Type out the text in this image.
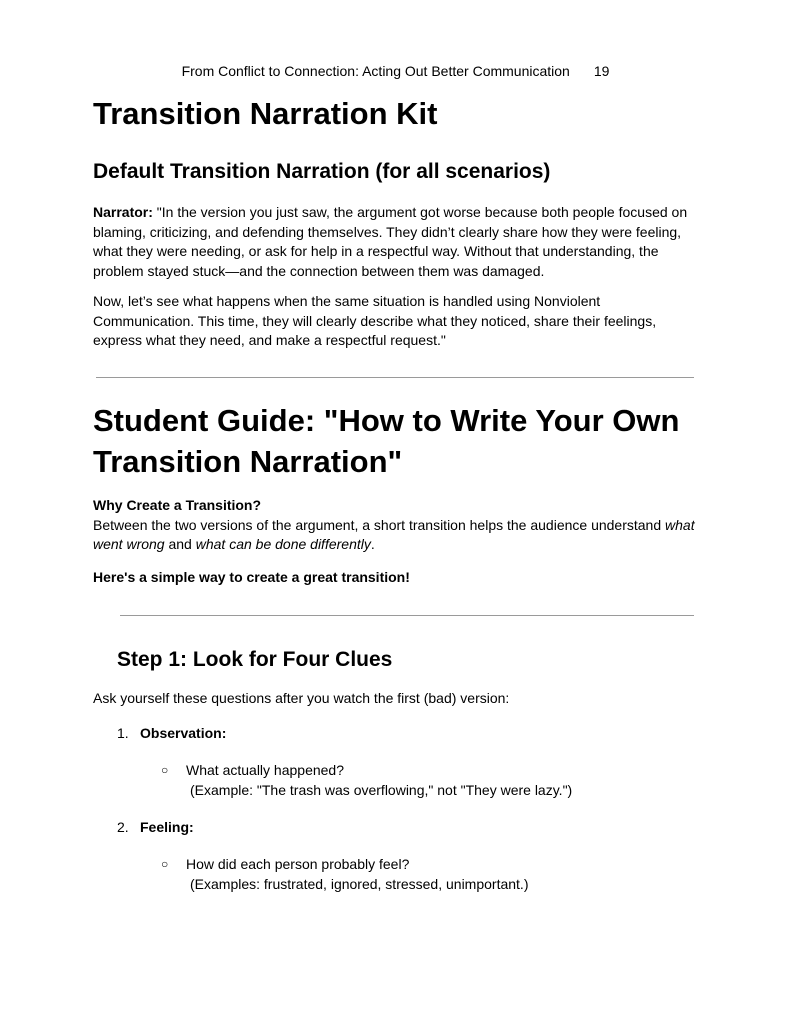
From Conflict to Connection: Acting Out Better Communication 19
Transition Narration Kit
Default Transition Narration (for all scenarios)

Narrator: "In the version you just saw, the argument got worse because both people focused on blaming, criticizing, and defending themselves. They didn’t clearly share how they were feeling, what they were needing, or ask for help in a respectful way. Without that understanding, the problem stayed stuck—and the connection between them was damaged.

Now, let’s see what happens when the same situation is handled using Nonviolent Communication. This time, they will clearly describe what they noticed, share their feelings, express what they need, and make a respectful request."

Student Guide: "How to Write Your Own Transition Narration"

Why Create a Transition?
Between the two versions of the argument, a short transition helps the audience understand what went wrong and what can be done differently.

Here's a simple way to create a great transition!

Step 1: Look for Four Clues

Ask yourself these questions after you watch the first (bad) version:

1. Observation:
○ What actually happened?
(Example: "The trash was overflowing," not "They were lazy.")
2. Feeling:
○ How did each person probably feel?
(Examples: frustrated, ignored, stressed, unimportant.)
